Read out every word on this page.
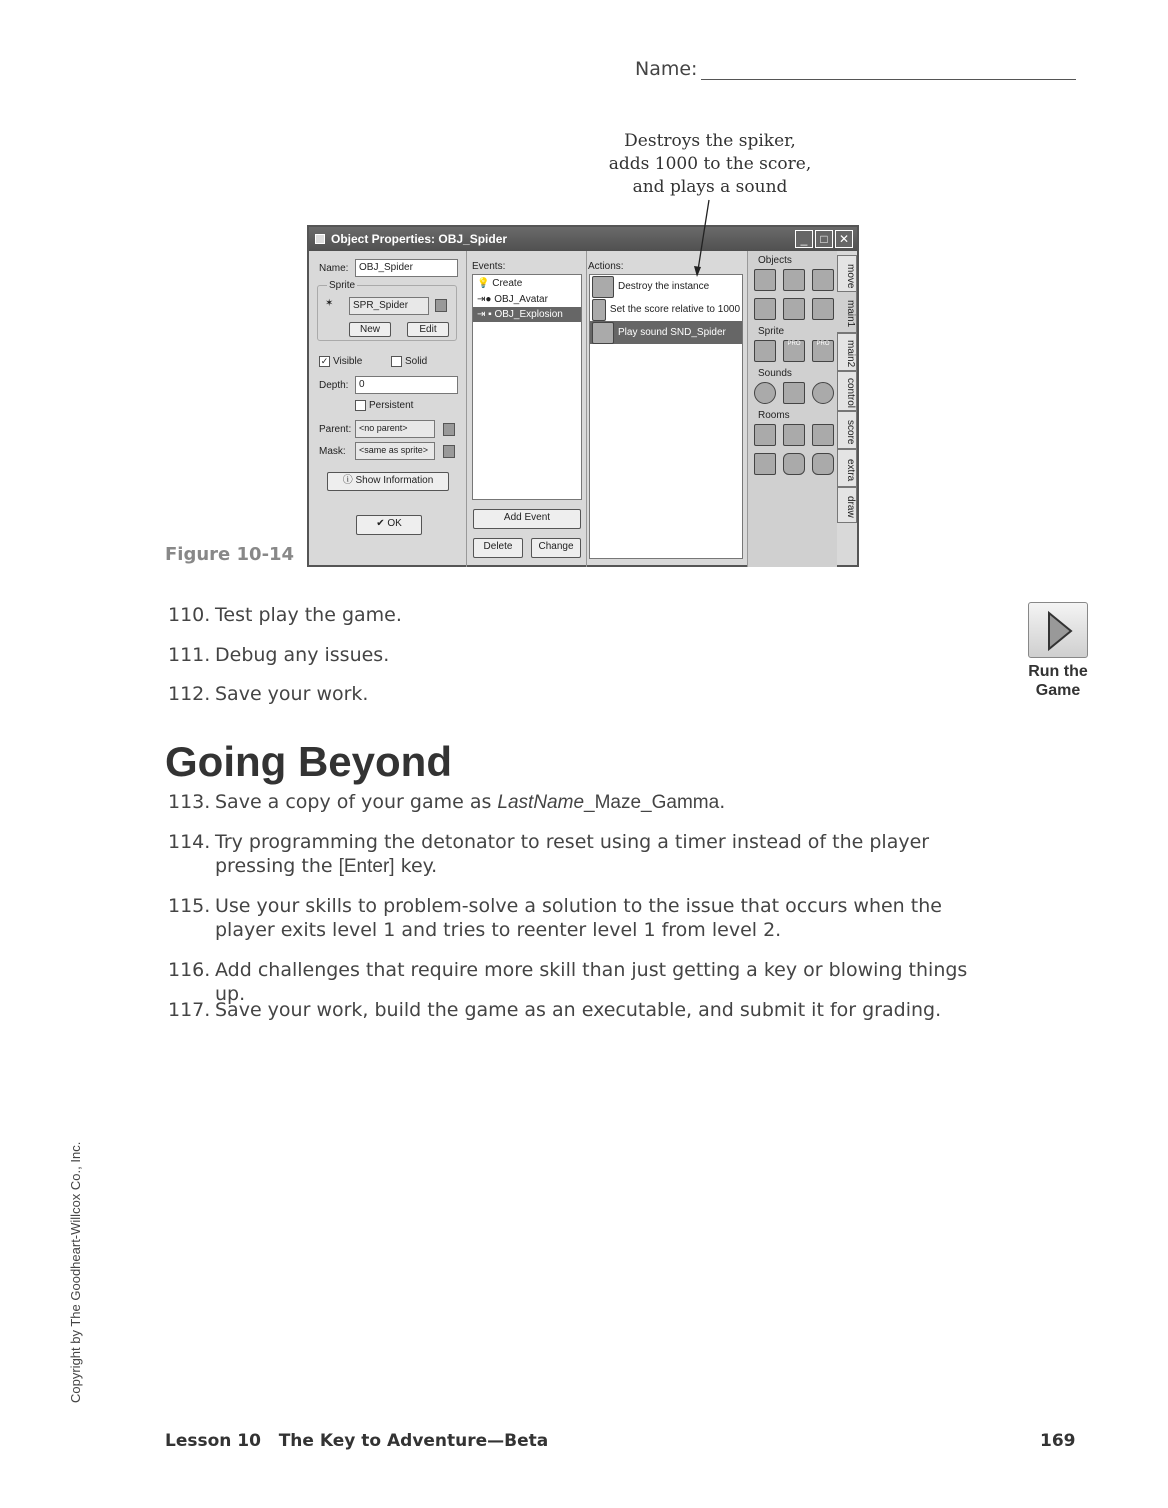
Name:
Destroys the spiker,
adds 1000 to the score,
and plays a sound
Figure 10-14
Object Properties: OBJ_Spider	_	□ ✕
Name:	OBJ_Spider
Sprite
✶	SPR_Spider
New	Edit
✓ Visible	Solid
Depth:	0
Persistent
Parent: <no parent>
Mask:	<same as sprite>
ⓘ Show Information
✔ OK
Events:
💡 Create
⇥● OBJ_Avatar
⇥ ▪ OBJ_Explosion
Add Event
Delete	Change
Actions:
Destroy the instance
Set the score relative to 1000
Play sound SND_Spider
Objects
Sprite
PRO	PRO
Sounds
Rooms
move
main1
main2
control
score
extra
draw
110. Test play the game.
111. Debug any issues.
112. Save your work.
Run the Game
Going Beyond
113. Save a copy of your game as LastName_Maze_Gamma.
114. Try programming the detonator to reset using a timer instead of the player pressing the [Enter] key.
115. Use your skills to problem-solve a solution to the issue that occurs when the player exits level 1 and tries to reenter level 1 from level 2.
116. Add challenges that require more skill than just getting a key or blowing things up.
117. Save your work, build the game as an executable, and submit it for grading.
Copyright by The Goodheart-Willcox Co., Inc.
Lesson 10   The Key to Adventure—Beta	169
